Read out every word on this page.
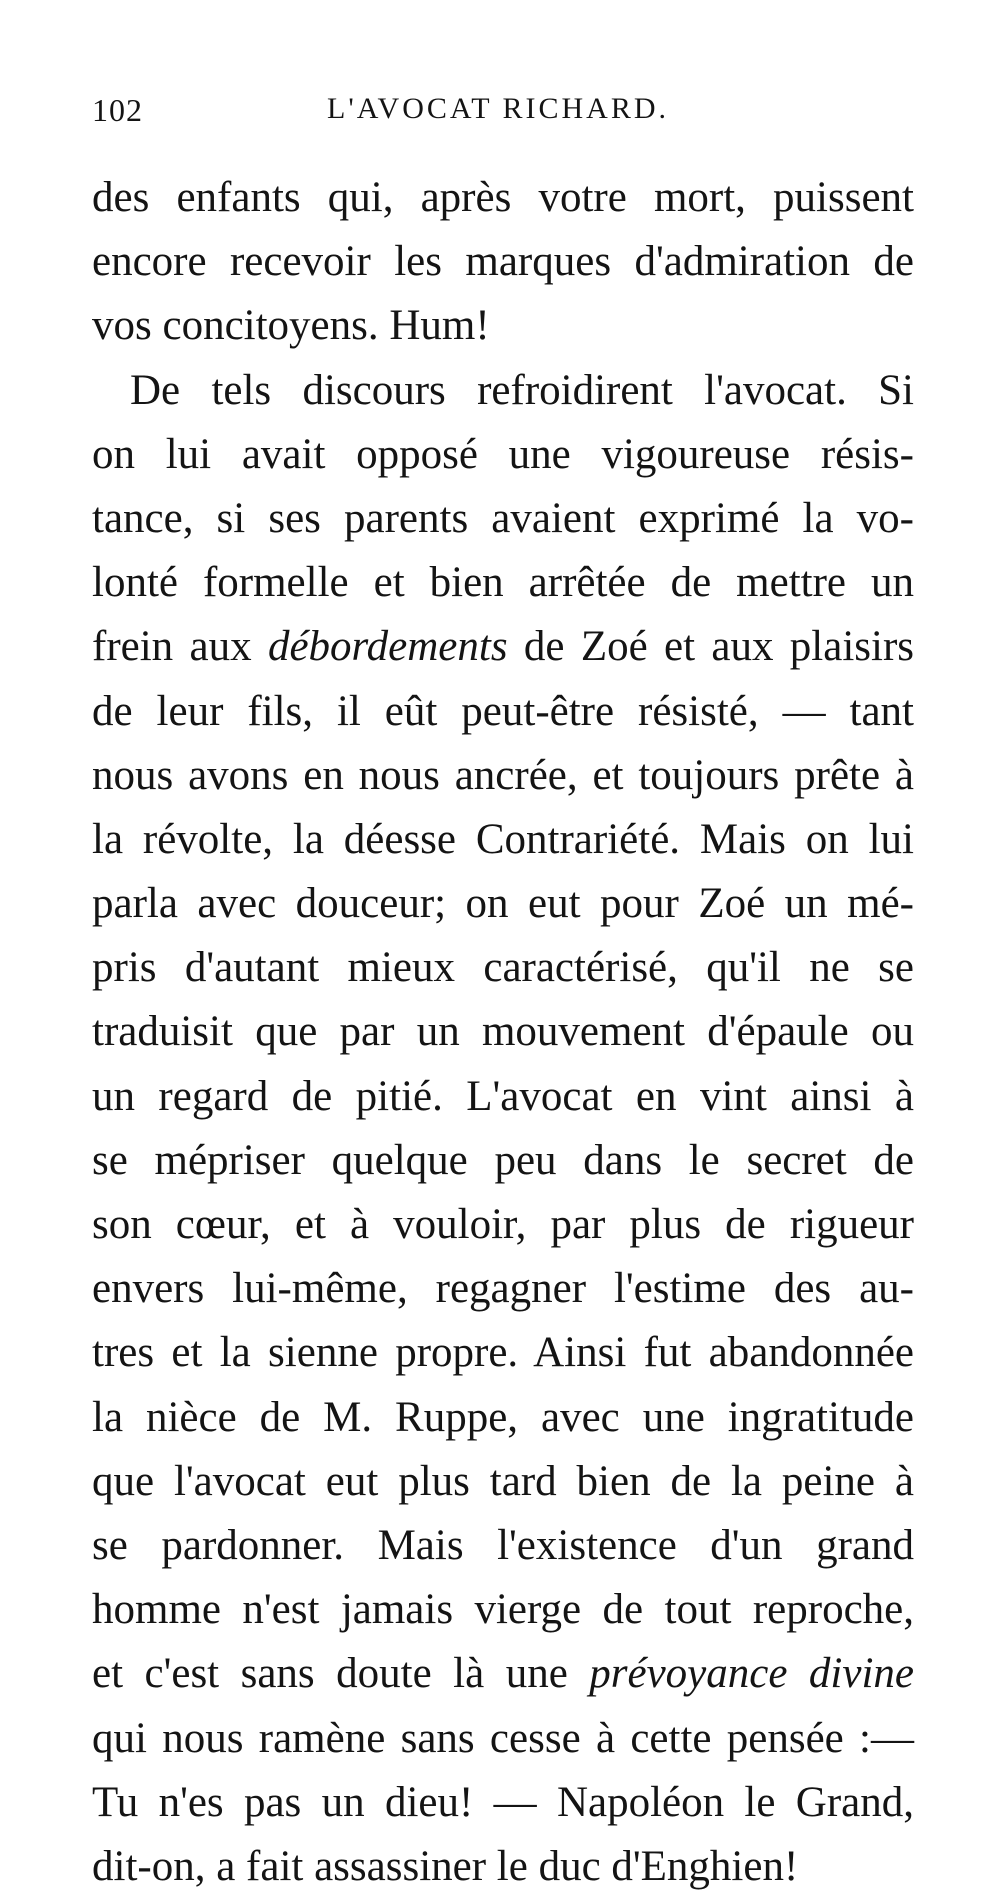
102	L'AVOCAT RICHARD.
des enfants qui, après votre mort, puissent
encore recevoir les marques d'admiration de
vos concitoyens. Hum!
De tels discours refroidirent l'avocat. Si
on lui avait opposé une vigoureuse résis-
tance, si ses parents avaient exprimé la vo-
lonté formelle et bien arrêtée de mettre un
frein aux débordements de Zoé et aux plaisirs
de leur fils, il eût peut-être résisté, — tant
nous avons en nous ancrée, et toujours prête à
la révolte, la déesse Contrariété. Mais on lui
parla avec douceur; on eut pour Zoé un mé-
pris d'autant mieux caractérisé, qu'il ne se
traduisit que par un mouvement d'épaule ou
un regard de pitié. L'avocat en vint ainsi à
se mépriser quelque peu dans le secret de
son cœur, et à vouloir, par plus de rigueur
envers lui-même, regagner l'estime des au-
tres et la sienne propre. Ainsi fut abandonnée
la nièce de M. Ruppe, avec une ingratitude
que l'avocat eut plus tard bien de la peine à
se pardonner. Mais l'existence d'un grand
homme n'est jamais vierge de tout reproche,
et c'est sans doute là une prévoyance divine
qui nous ramène sans cesse à cette pensée :—
Tu n'es pas un dieu! — Napoléon le Grand,
dit-on, a fait assassiner le duc d'Enghien!
